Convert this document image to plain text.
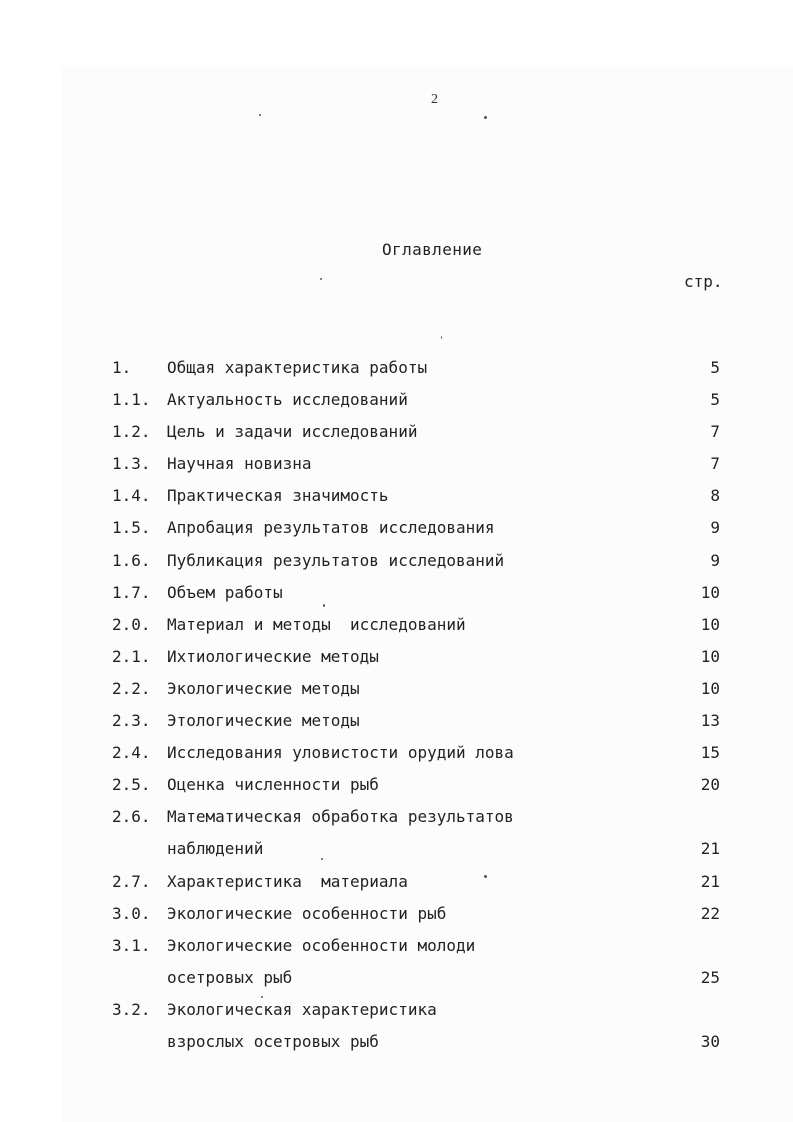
2
Оглавление
стр.
1. Общая характеристика работы	5
1.1. Актуальность исследований	5
1.2. Цель и задачи исследований	7
1.3. Научная новизна	7
1.4. Практическая значимость	8
1.5. Апробация результатов исследования	9
1.6. Публикация результатов исследований	9
1.7. Объем работы	10
2.0. Материал и методы  исследований	10
2.1. Ихтиологические методы	10
2.2. Экологические методы	10
2.3. Этологические методы	13
2.4. Исследования уловистости орудий лова	15
2.5. Оценка численности рыб	20
2.6. Математическая обработка результатов
наблюдений	21
2.7. Характеристика  материала	21
3.0. Экологические особенности рыб	22
3.1. Экологические особенности молоди
осетровых рыб	25
3.2. Экологическая характеристика
взрослых осетровых рыб	30
